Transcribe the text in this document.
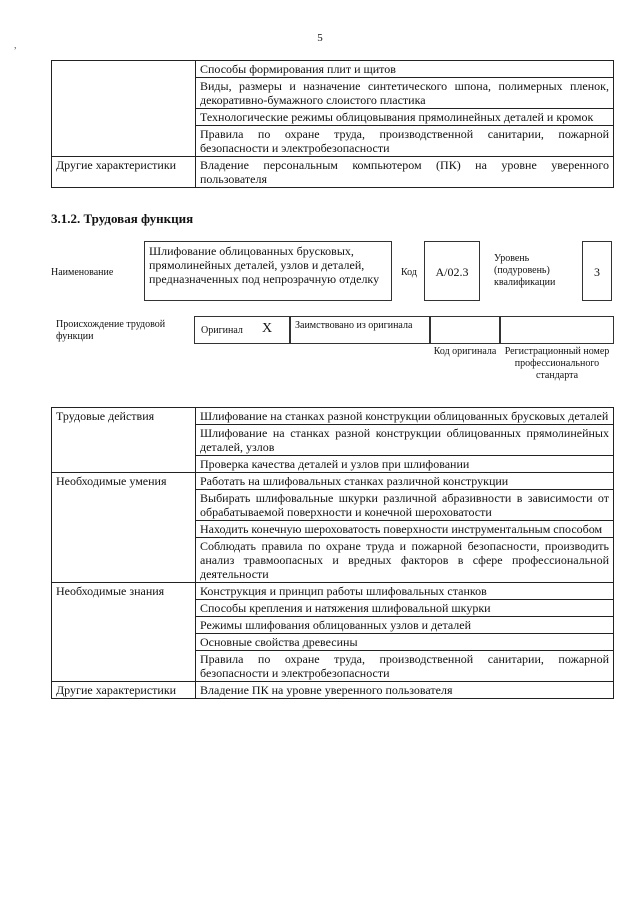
5
,
	Способы формирования плит и щитов
	Виды, размеры и назначение синтетического шпона, полимерных пленок, декоративно-бумажного слоистого пластика
	Технологические режимы облицовывания прямолинейных деталей и кромок
	Правила по охране труда, производственной санитарии, пожарной безопасности и электробезопасности
Другие характеристики	Владение персональным компьютером (ПК) на уровне уверенного пользователя
3.1.2. Трудовая функция
Наименование
Шлифование облицованных брусковых, прямолинейных деталей, узлов и деталей, предназначенных под непрозрачную отделку	Код	А/02.3
Уровень (подуровень) квалификации
3
Происхождение трудовой функции
Оригинал	X	Заимствовано из оригинала
Код оригинала Регистрационный номер профессионального стандарта
Трудовые действия	Шлифование на станках разной конструкции облицованных брусковых деталей
	Шлифование на станках разной конструкции облицованных прямолинейных деталей, узлов
	Проверка качества деталей и узлов при шлифовании
Необходимые умения	Работать на шлифовальных станках различной конструкции
	Выбирать шлифовальные шкурки различной абразивности в зависимости от обрабатываемой поверхности и конечной шероховатости
	Находить конечную шероховатость поверхности инструментальным способом
	Соблюдать правила по охране труда и пожарной безопасности, производить анализ травмоопасных и вредных факторов в сфере профессиональной деятельности
Необходимые знания	Конструкция и принцип работы шлифовальных станков
	Способы крепления и натяжения шлифовальной шкурки
	Режимы шлифования облицованных узлов и деталей
	Основные свойства древесины
	Правила по охране труда, производственной санитарии, пожарной безопасности и электробезопасности
Другие характеристики	Владение ПК на уровне уверенного пользователя
